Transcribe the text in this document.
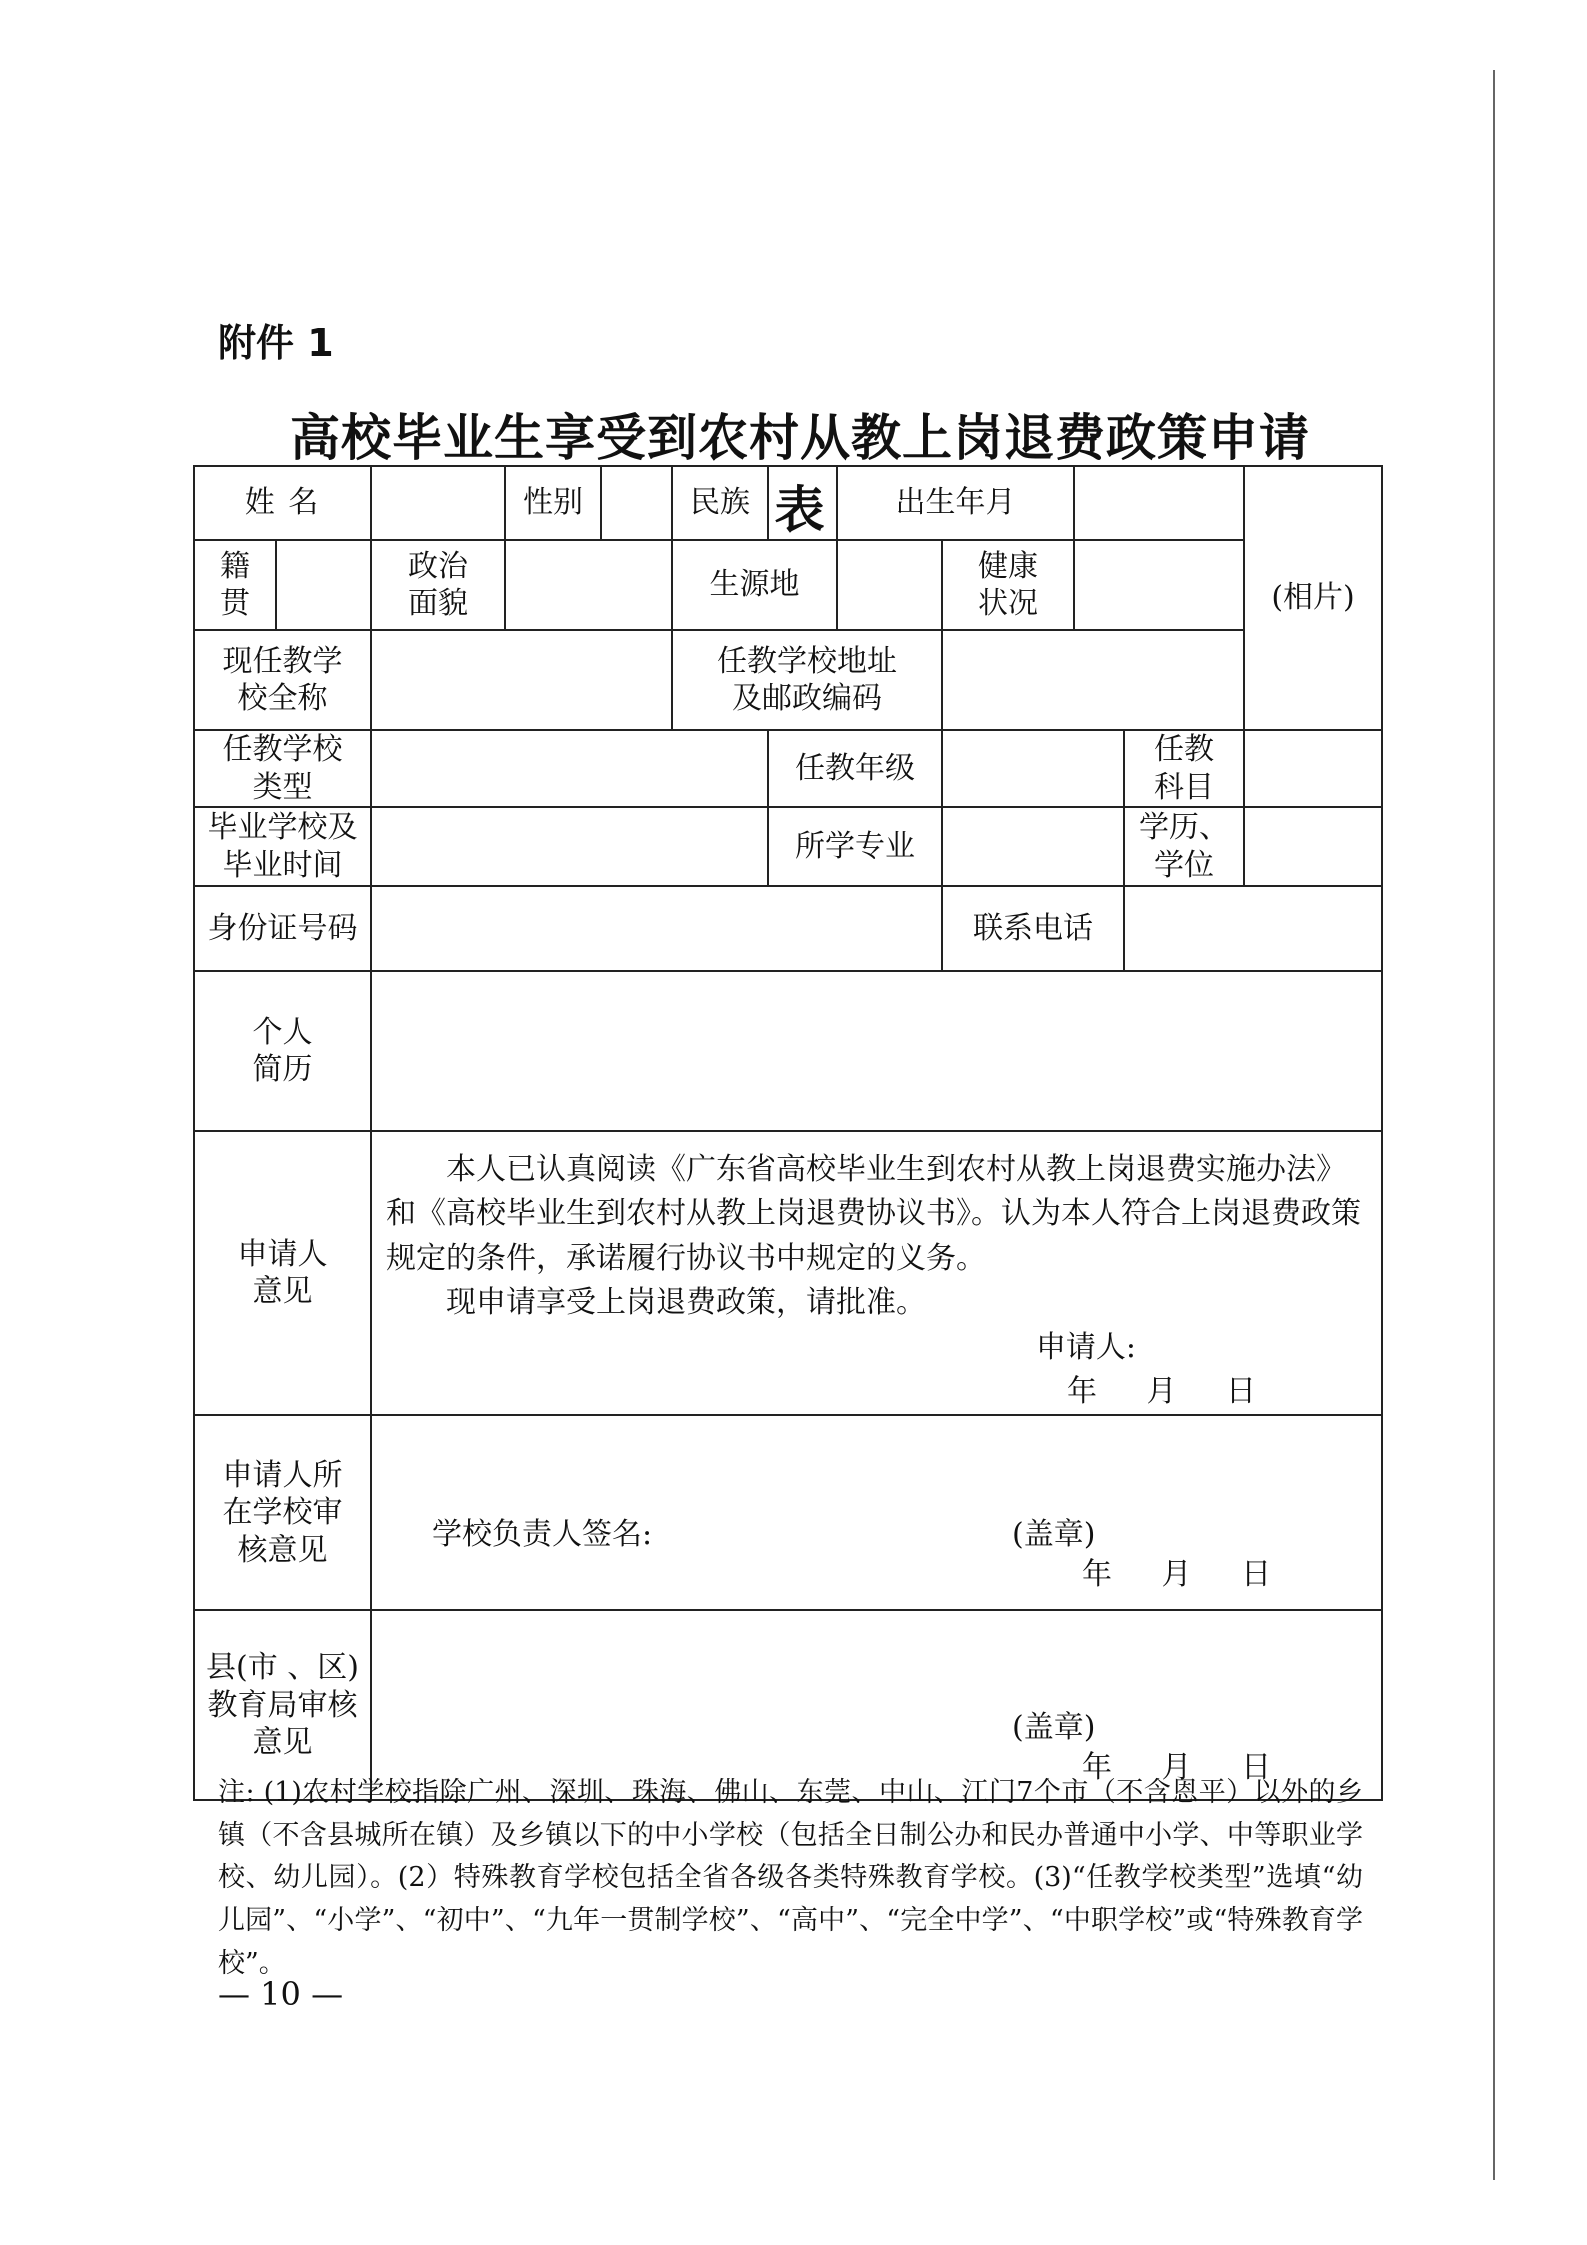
附件 1
高校毕业生享受到农村从教上岗退费政策申请表
姓 名			性别		民族		出生年月				(相片)

籍贯		政治面貌			生源地			健康状况			

现任教学校全称					任教学校地址及邮政编码						

任教学校类型						任教年级				任教科目	

毕业学校及毕业时间						所学专业				学历、学位	

身份证号码								联系电话			

个人简历											

申请人意见		本人已认真阅读《广东省高校毕业生到农村从教上岗退费实施办法》和《高校毕业生到农村从教上岗退费协议书》。认为本人符合上岗退费政策规定的条件，承诺履行协议书中规定的义务。

现申请享受上岗退费政策，请批准。

申请人:

年 月 日									

申请人所在学校审核意见		学校负责人签名: (盖章)
年 月 日									

县(市 、区)教育局审核意见		(盖章)
年 月 日									
注: (1)农村学校指除广州、深圳、珠海、佛山、东莞、中山、江门7个市（不含恩平）以外的乡镇（不含县城所在镇）及乡镇以下的中小学校（包括全日制公办和民办普通中小学、中等职业学校、幼儿园）。(2）特殊教育学校包括全省各级各类特殊教育学校。(3)“任教学校类型”选填“幼儿园”、“小学”、“初中”、“九年一贯制学校”、“高中”、“完全中学”、“中职学校”或“特殊教育学校”。
— 10 —
